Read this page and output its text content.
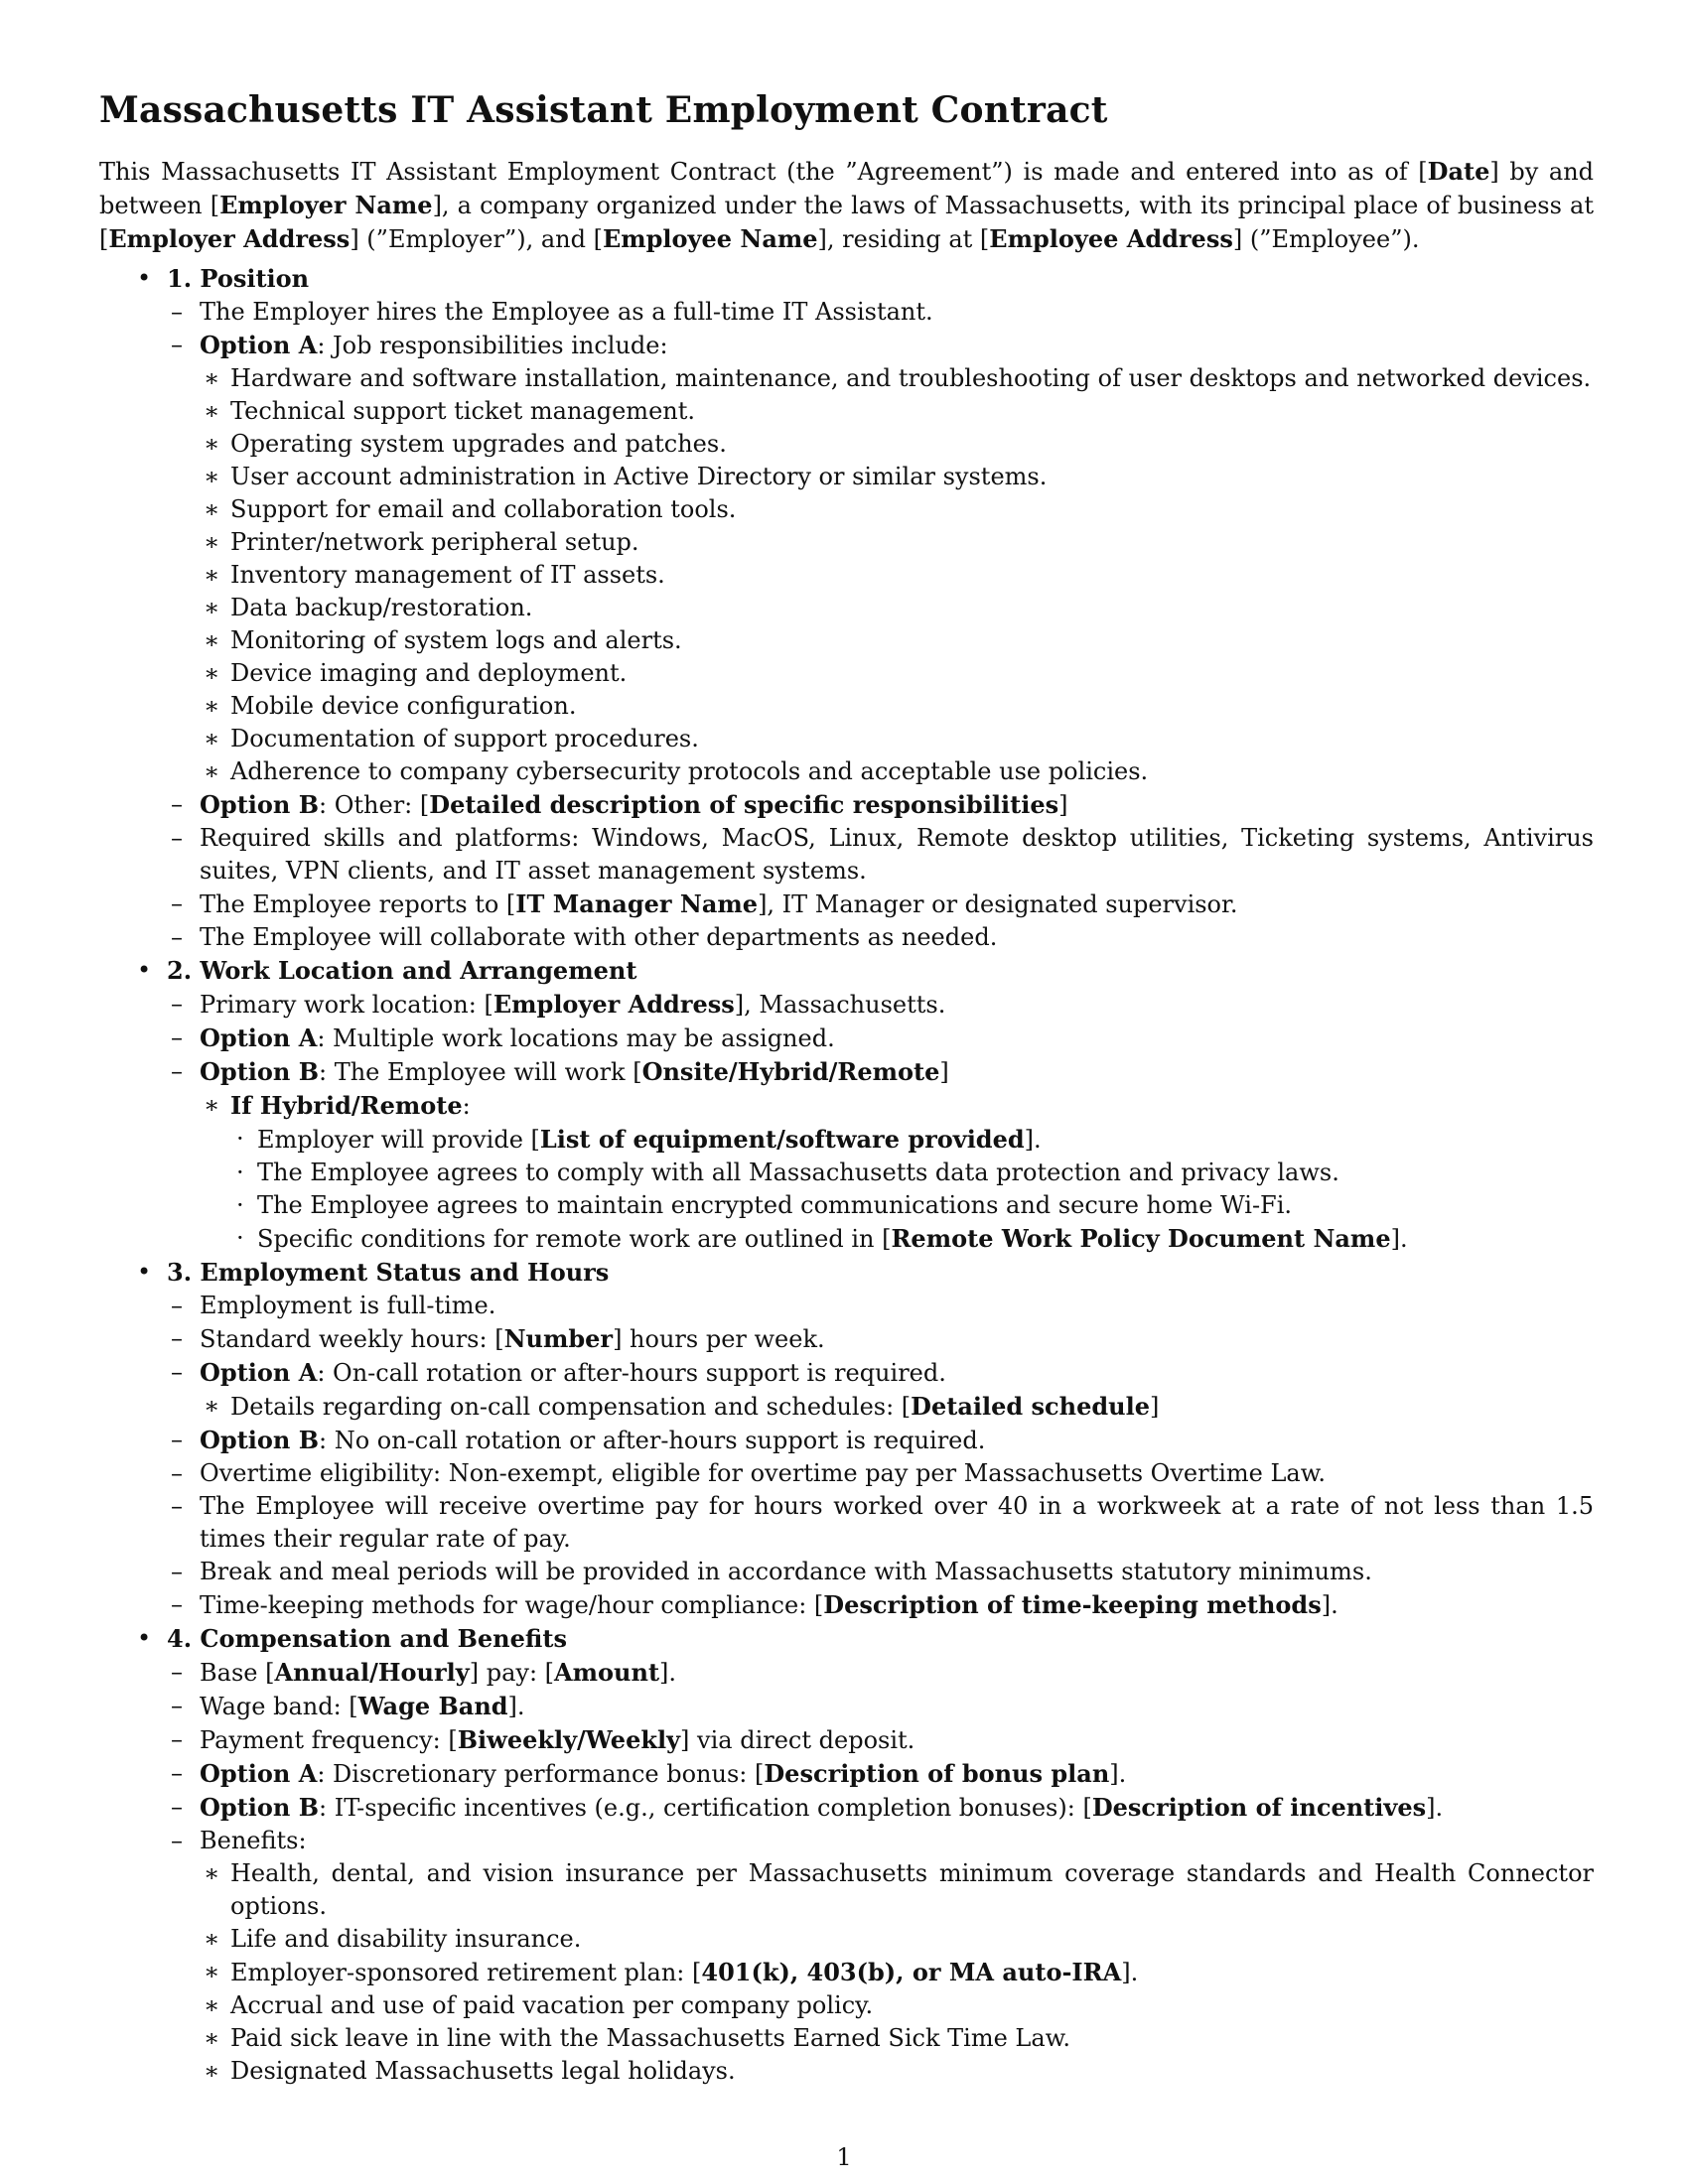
Massachusetts IT Assistant Employment Contract

This Massachusetts IT Assistant Employment Contract (the ”Agreement”) is made and entered into as of [Date] by and between [Employer Name], a company organized under the laws of Massachusetts, with its principal place of business at [Employer Address] (”Employer”), and [Employee Name], residing at [Employee Address] (”Employee”).

• 1. Position
– The Employer hires the Employee as a full-time IT Assistant.
– Option A: Job responsibilities include:
∗ Hardware and software installation, maintenance, and troubleshooting of user desktops and networked devices.
∗ Technical support ticket management.
∗ Operating system upgrades and patches.
∗ User account administration in Active Directory or similar systems.
∗ Support for email and collaboration tools.
∗ Printer/network peripheral setup.
∗ Inventory management of IT assets.
∗ Data backup/restoration.
∗ Monitoring of system logs and alerts.
∗ Device imaging and deployment.
∗ Mobile device configuration.
∗ Documentation of support procedures.
∗ Adherence to company cybersecurity protocols and acceptable use policies.
– Option B: Other: [Detailed description of specific responsibilities]
– Required skills and platforms: Windows, MacOS, Linux, Remote desktop utilities, Ticketing systems, Antivirus suites, VPN clients, and IT asset management systems.
– The Employee reports to [IT Manager Name], IT Manager or designated supervisor.
– The Employee will collaborate with other departments as needed.
• 2. Work Location and Arrangement
– Primary work location: [Employer Address], Massachusetts.
– Option A: Multiple work locations may be assigned.
– Option B: The Employee will work [Onsite/Hybrid/Remote]
∗ If Hybrid/Remote:
· Employer will provide [List of equipment/software provided].
· The Employee agrees to comply with all Massachusetts data protection and privacy laws.
· The Employee agrees to maintain encrypted communications and secure home Wi-Fi.
· Specific conditions for remote work are outlined in [Remote Work Policy Document Name].
• 3. Employment Status and Hours
– Employment is full-time.
– Standard weekly hours: [Number] hours per week.
– Option A: On-call rotation or after-hours support is required.
∗ Details regarding on-call compensation and schedules: [Detailed schedule]
– Option B: No on-call rotation or after-hours support is required.
– Overtime eligibility: Non-exempt, eligible for overtime pay per Massachusetts Overtime Law.
– The Employee will receive overtime pay for hours worked over 40 in a workweek at a rate of not less than 1.5 times their regular rate of pay.
– Break and meal periods will be provided in accordance with Massachusetts statutory minimums.
– Time-keeping methods for wage/hour compliance: [Description of time-keeping methods].
• 4. Compensation and Benefits
– Base [Annual/Hourly] pay: [Amount].
– Wage band: [Wage Band].
– Payment frequency: [Biweekly/Weekly] via direct deposit.
– Option A: Discretionary performance bonus: [Description of bonus plan].
– Option B: IT-specific incentives (e.g., certification completion bonuses): [Description of incentives].
– Benefits:
∗ Health, dental, and vision insurance per Massachusetts minimum coverage standards and Health Connector options.
∗ Life and disability insurance.
∗ Employer-sponsored retirement plan: [401(k), 403(b), or MA auto-IRA].
∗ Accrual and use of paid vacation per company policy.
∗ Paid sick leave in line with the Massachusetts Earned Sick Time Law.
∗ Designated Massachusetts legal holidays.
1
